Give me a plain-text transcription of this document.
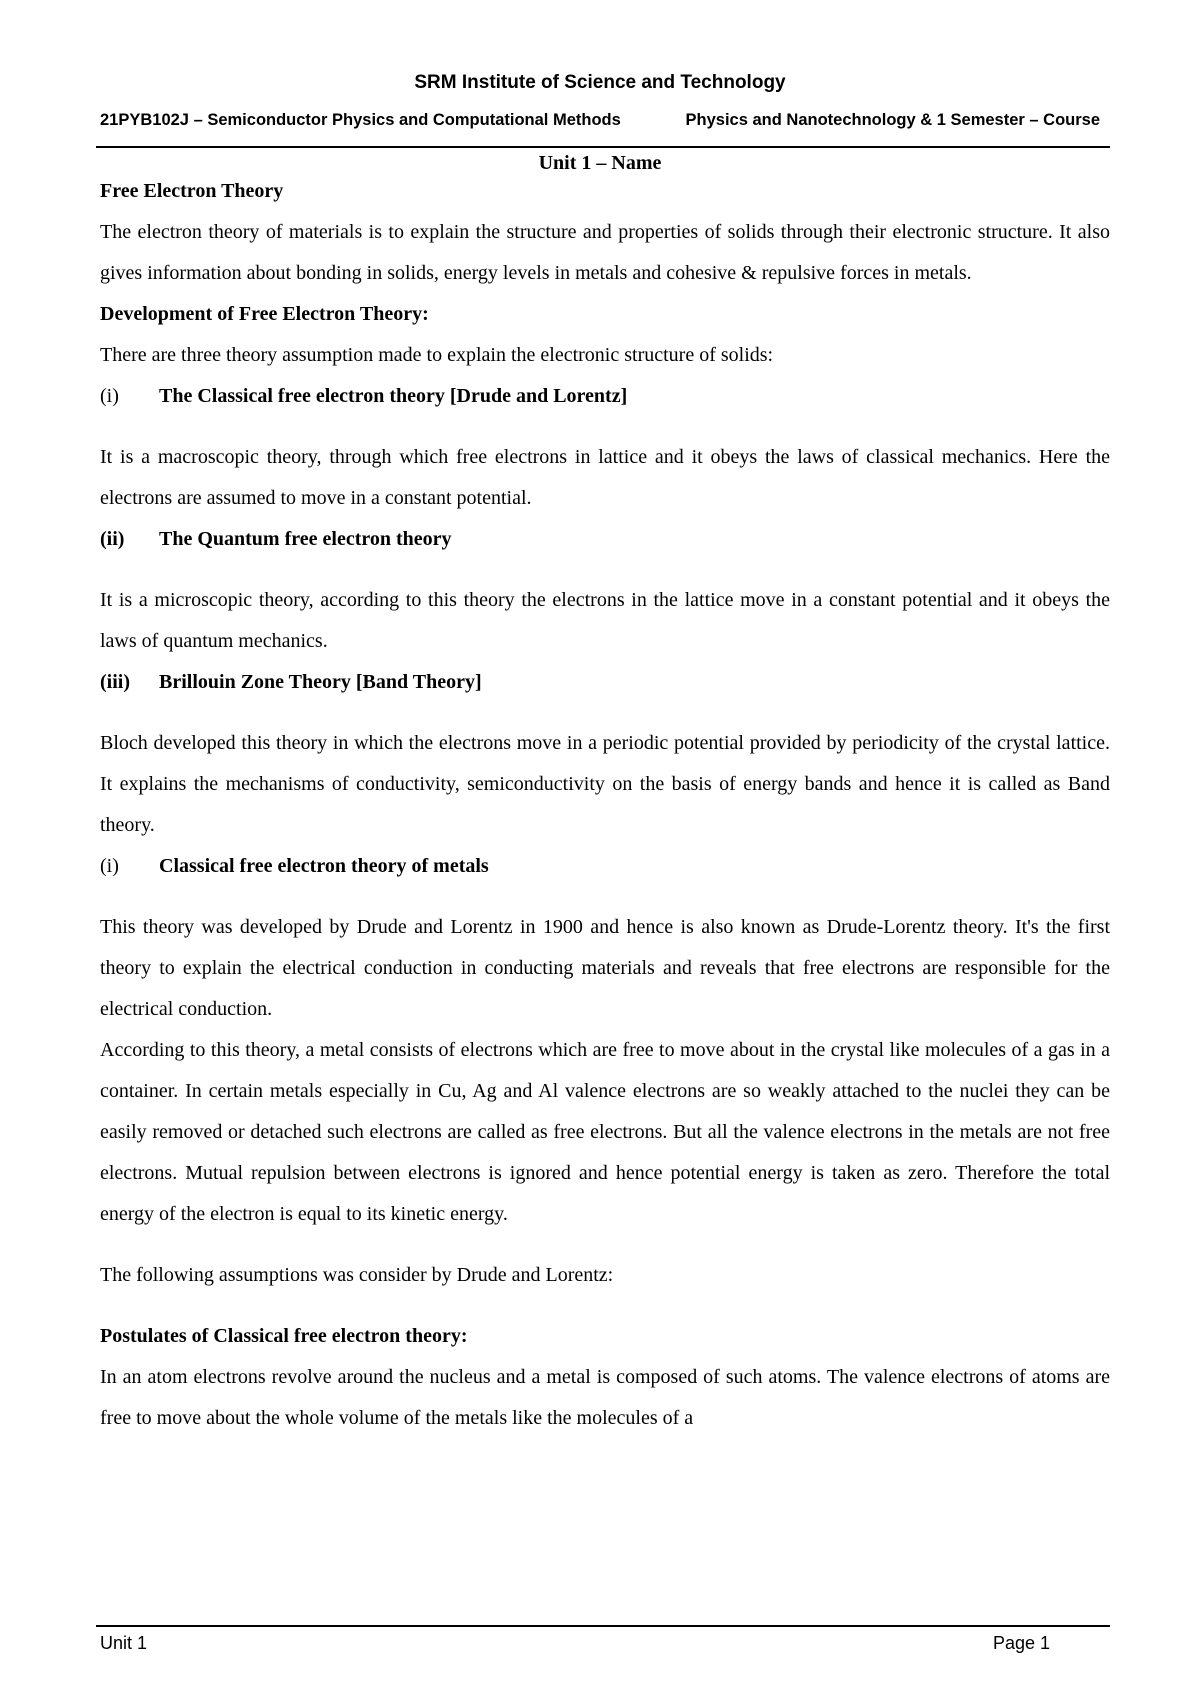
SRM Institute of Science and Technology
21PYB102J – Semiconductor Physics and Computational Methods	Physics and Nanotechnology & 1 Semester – Course
Unit 1 – Name

Free Electron Theory

The electron theory of materials is to explain the structure and properties of solids through their electronic structure. It also gives information about bonding in solids, energy levels in metals and cohesive & repulsive forces in metals.

Development of Free Electron Theory:

There are three theory assumption made to explain the electronic structure of solids:

(i)	The Classical free electron theory [Drude and Lorentz]

It is a macroscopic theory, through which free electrons in lattice and it obeys the laws of classical mechanics. Here the electrons are assumed to move in a constant potential.

(ii)	The Quantum free electron theory

It is a microscopic theory, according to this theory the electrons in the lattice move in a constant potential and it obeys the laws of quantum mechanics.

(iii)	Brillouin Zone Theory [Band Theory]

Bloch developed this theory in which the electrons move in a periodic potential provided by periodicity of the crystal lattice. It explains the mechanisms of conductivity, semiconductivity on the basis of energy bands and hence it is called as Band theory.

(i)	Classical free electron theory of metals

This theory was developed by Drude and Lorentz in 1900 and hence is also known as Drude-Lorentz theory. It's the first theory to explain the electrical conduction in conducting materials and reveals that free electrons are responsible for the electrical conduction.

According to this theory, a metal consists of electrons which are free to move about in the crystal like molecules of a gas in a container. In certain metals especially in Cu, Ag and Al valence electrons are so weakly attached to the nuclei they can be easily removed or detached such electrons are called as free electrons. But all the valence electrons in the metals are not free electrons. Mutual repulsion between electrons is ignored and hence potential energy is taken as zero. Therefore the total energy of the electron is equal to its kinetic energy.

The following assumptions was consider by Drude and Lorentz:

Postulates of Classical free electron theory:

In an atom electrons revolve around the nucleus and a metal is composed of such atoms. The valence electrons of atoms are free to move about the whole volume of the metals like the molecules of a

Unit 1	Page 1
